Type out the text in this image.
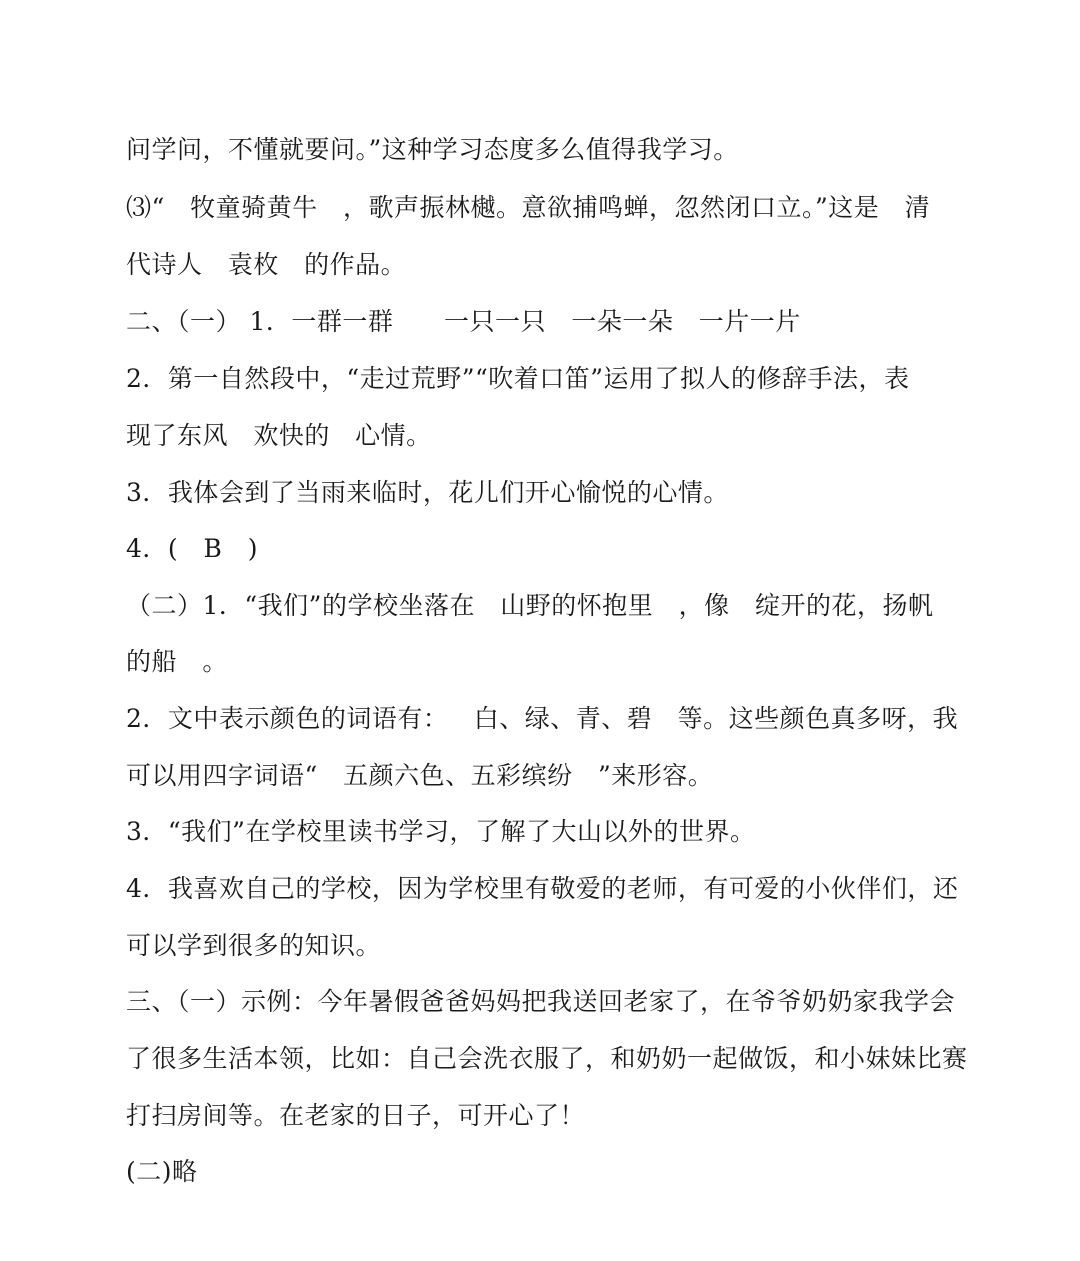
问学问，不懂就要问。”这种学习态度多么值得我学习。
⑶“   牧童骑黄牛   ，歌声振林樾。意欲捕鸣蝉，忽然闭口立。”这是   清
代诗人   袁枚   的作品。
二、（一） 1．一群一群      一只一只   一朵一朵   一片一片
2．第一自然段中，“走过荒野”“吹着口笛”运用了拟人的修辞手法，表
现了东风   欢快的   心情。
3．我体会到了当雨来临时，花儿们开心愉悦的心情。
4．(   B   )
（二）1．“我们”的学校坐落在   山野的怀抱里   ，像   绽开的花，扬帆
的船   。
2．文中表示颜色的词语有：   白、绿、青、碧   等。这些颜色真多呀，我
可以用四字词语“   五颜六色、五彩缤纷   ”来形容。
3．“我们”在学校里读书学习，了解了大山以外的世界。
4．我喜欢自己的学校，因为学校里有敬爱的老师，有可爱的小伙伴们，还
可以学到很多的知识。
三、（一）示例：今年暑假爸爸妈妈把我送回老家了，在爷爷奶奶家我学会
了很多生活本领，比如：自己会洗衣服了，和奶奶一起做饭，和小妹妹比赛
打扫房间等。在老家的日子，可开心了！
(二)略
